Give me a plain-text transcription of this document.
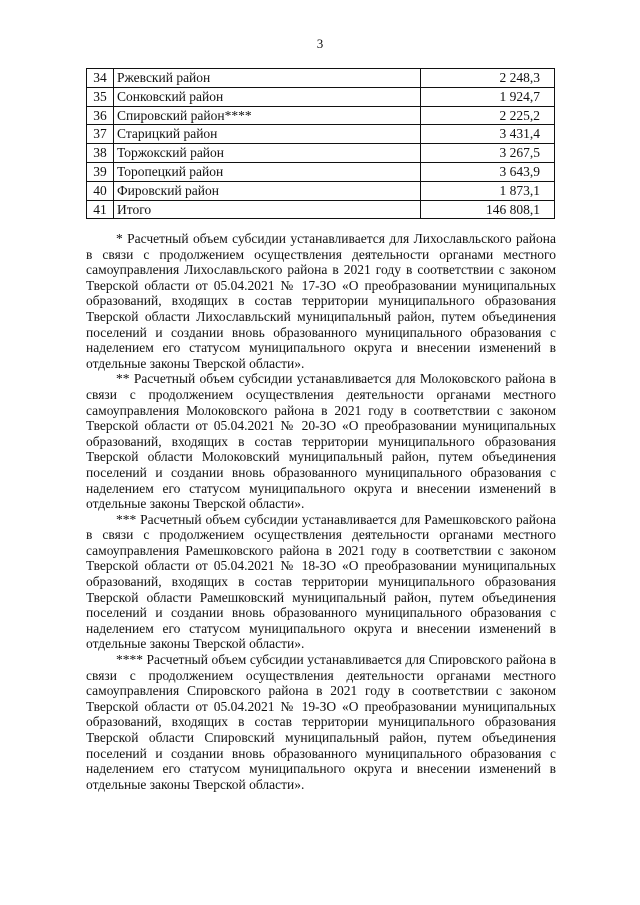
3
34	Ржевский район	2 248,3
35	Сонковский район	1 924,7
36	Спировский район****	2 225,2
37	Старицкий район	3 431,4
38	Торжокский район	3 267,5
39	Торопецкий район	3 643,9
40	Фировский район	1 873,1
41	Итого	146 808,1

* Расчетный объем субсидии устанавливается для Лихославльского района в связи с продолжением осуществления деятельности органами местного самоуправления Лихославльского района в 2021 году в соответствии с законом Тверской области от 05.04.2021 № 17-ЗО «О преобразовании муниципальных образований, входящих в состав территории муниципального образования Тверской области Лихославльский муниципальный район, путем объединения поселений и создании вновь образованного муниципального образования с наделением его статусом муниципального округа и внесении изменений в отдельные законы Тверской области».

** Расчетный объем субсидии устанавливается для Молоковского района в связи с продолжением осуществления деятельности органами местного самоуправления Молоковского района в 2021 году в соответствии с законом Тверской области от 05.04.2021 № 20-ЗО «О преобразовании муниципальных образований, входящих в состав территории муниципального образования Тверской области Молоковский муниципальный район, путем объединения поселений и создании вновь образованного муниципального образования с наделением его статусом муниципального округа и внесении изменений в отдельные законы Тверской области».

*** Расчетный объем субсидии устанавливается для Рамешковского района в связи с продолжением осуществления деятельности органами местного самоуправления Рамешковского района в 2021 году в соответствии с законом Тверской области от 05.04.2021 № 18-ЗО «О преобразовании муниципальных образований, входящих в состав территории муниципального образования Тверской области Рамешковский муниципальный район, путем объединения поселений и создании вновь образованного муниципального образования с наделением его статусом муниципального округа и внесении изменений в отдельные законы Тверской области».

**** Расчетный объем субсидии устанавливается для Спировского района в связи с продолжением осуществления деятельности органами местного самоуправления Спировского района в 2021 году в соответствии с законом Тверской области от 05.04.2021 № 19-ЗО «О преобразовании муниципальных образований, входящих в состав территории муниципального образования Тверской области Спировский муниципальный район, путем объединения поселений и создании вновь образованного муниципального образования с наделением его статусом муниципального округа и внесении изменений в отдельные законы Тверской области».
